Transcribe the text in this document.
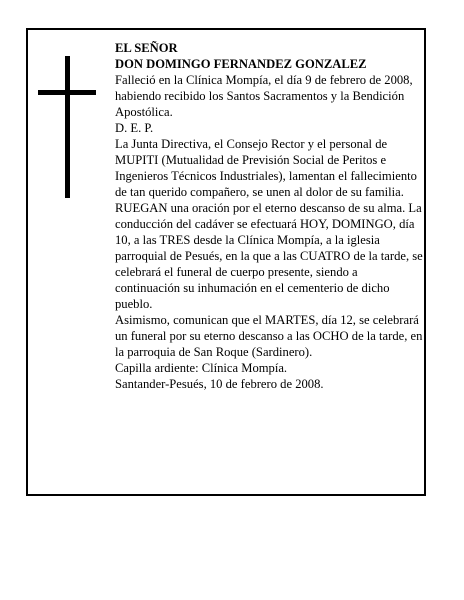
EL SEÑOR

DON DOMINGO FERNANDEZ GONZALEZ

Falleció en la Clínica Mompía, el día 9 de febrero de 2008,

habiendo recibido los Santos Sacramentos y la Bendición Apostólica.

D. E. P.

La Junta Directiva, el Consejo Rector y el personal de MUPITI (Mutualidad de Previsión Social de Peritos e Ingenieros Técnicos Industriales), lamentan el fallecimiento de tan querido compañero, se unen al dolor de su familia.

RUEGAN una oración por el eterno descanso de su alma. La conducción del cadáver se efectuará HOY, DOMINGO, día 10, a las TRES desde la Clínica Mompía, a la iglesia parroquial de Pesués, en la que a las CUATRO de la tarde, se celebrará el funeral de cuerpo presente, siendo a continuación su inhumación en el cementerio de dicho pueblo.

Asimismo, comunican que el MARTES, día 12, se celebrará un funeral por su eterno descanso a las OCHO de la tarde, en la parroquia de San Roque (Sardinero).

Capilla ardiente: Clínica Mompía.

Santander-Pesués, 10 de febrero de 2008.
